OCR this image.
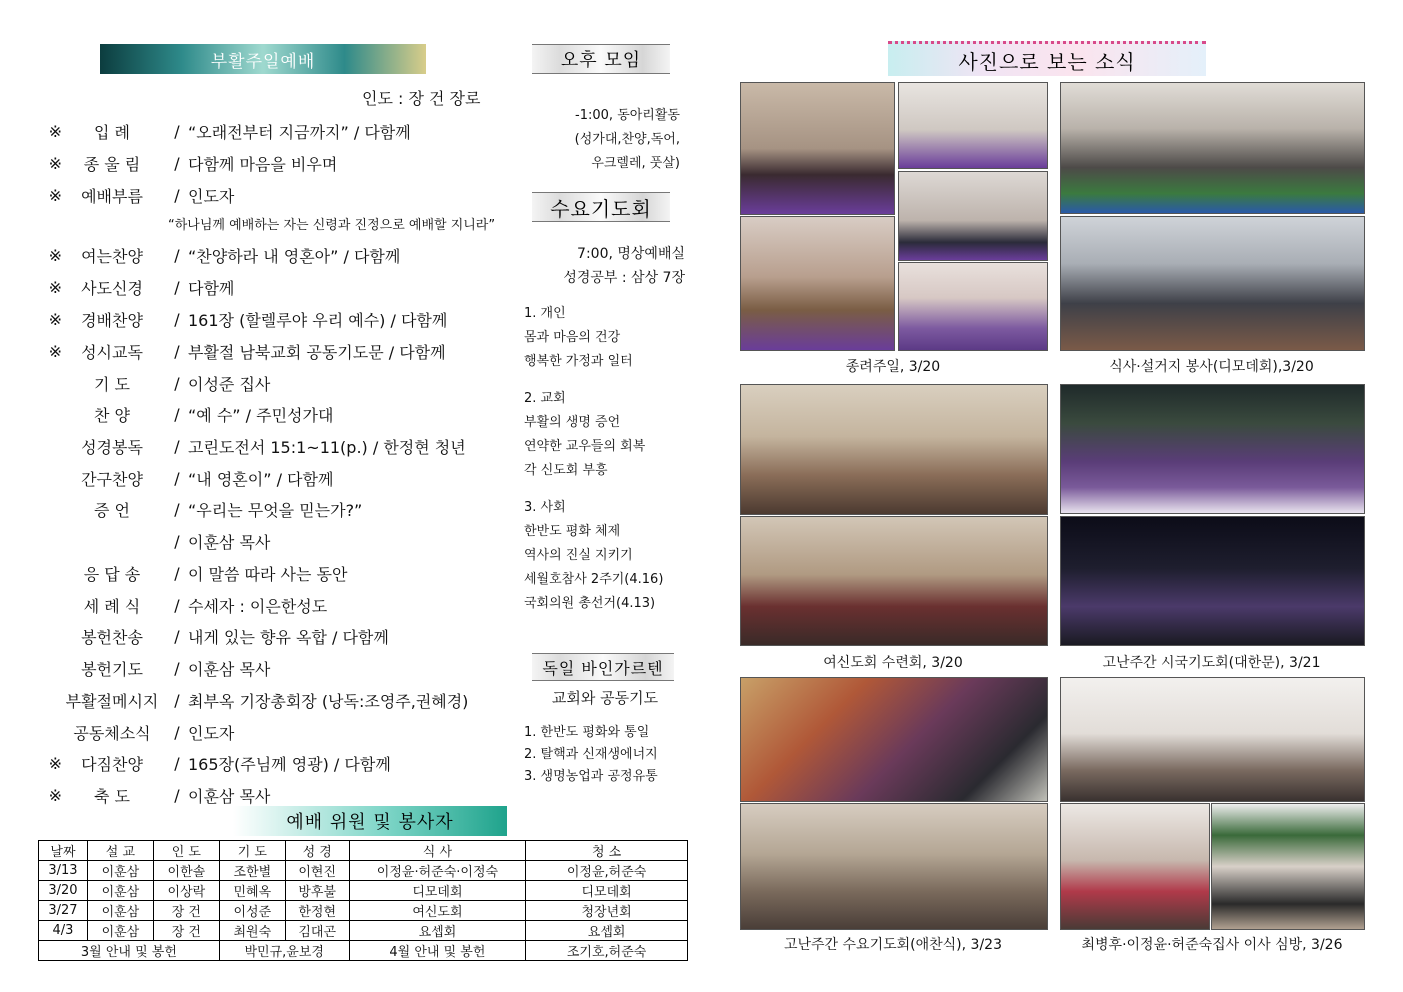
부활주일예배
인도 : 장 건 장로
※	입 례	/ “오래전부터 지금까지” / 다함께
※	종 울 림	/ 다함께 마음을 비우며
※	예배부름	/ 인도자
※	여는찬양	/ “찬양하라 내 영혼아” / 다함께
※	사도신경	/ 다함께
※	경배찬양	/ 161장 (할렐루야 우리 예수) / 다함께
※	성시교독	/ 부활절 남북교회 공동기도문 / 다함께
기 도	/ 이성준 집사
찬 양	/ “예 수” / 주민성가대
성경봉독	/ 고린도전서 15:1~11(p.) / 한정현 청년
간구찬양	/ “내 영혼이” / 다함께
증 언	/ “우리는 무엇을 믿는가?”
/ 이훈삼 목사
응 답 송	/ 이 말씀 따라 사는 동안
세 례 식	/ 수세자 : 이은한성도
봉헌찬송	/ 내게 있는 향유 옥합 / 다함께
봉헌기도	/ 이훈삼 목사
부활절메시지 / 최부옥 기장총회장 (낭독:조영주,권혜경)
공동체소식	/ 인도자
※	다짐찬양	/ 165장(주님께 영광) / 다함께
※	축 도	/ 이훈삼 목사
“하나님께 예배하는 자는 신령과 진정으로 예배할 지니라”
예배 위원 및 봉사자
날짜	설 교	인 도	기 도	성 경	식 사	청 소
3/13	이훈삼	이한솔	조한별	이현진	이정윤·허준숙·이정숙	이정윤,허준숙
3/20	이훈삼	이상락	민혜옥	방후불	디모데회	디모데회
3/27	이훈삼	장 건	이성준	한정현	여신도회	청장년회
4/3	이훈삼	장 건	최원숙	김대곤	요셉회	요셉회
3월 안내 및 봉헌			박민규,윤보경		4월 안내 및 봉헌	조기호,허준숙
오후 모임
-1:00, 동아리활동
(성가대,찬양,독어,
우크렐레, 풋살)
수요기도회
7:00, 명상예배실
성경공부 : 삼상 7장
1. 개인
몸과 마음의 건강
행복한 가정과 일터
2. 교회
부활의 생명 증언
연약한 교우들의 회복
각 신도회 부흥
3. 사회
한반도 평화 체제
역사의 진실 지키기
세월호참사 2주기(4.16)
국회의원 총선거(4.13)
독일 바인가르텐
교회와 공동기도
1. 한반도 평화와 통일
2. 탈핵과 신재생에너지
3. 생명농업과 공정유통
사진으로 보는 소식
종려주일, 3/20	식사·설거지 봉사(디모데회),3/20
여신도회 수련회, 3/20	고난주간 시국기도회(대한문), 3/21
고난주간 수요기도회(애찬식), 3/23	최병후·이정윤·허준숙집사 이사 심방, 3/26
